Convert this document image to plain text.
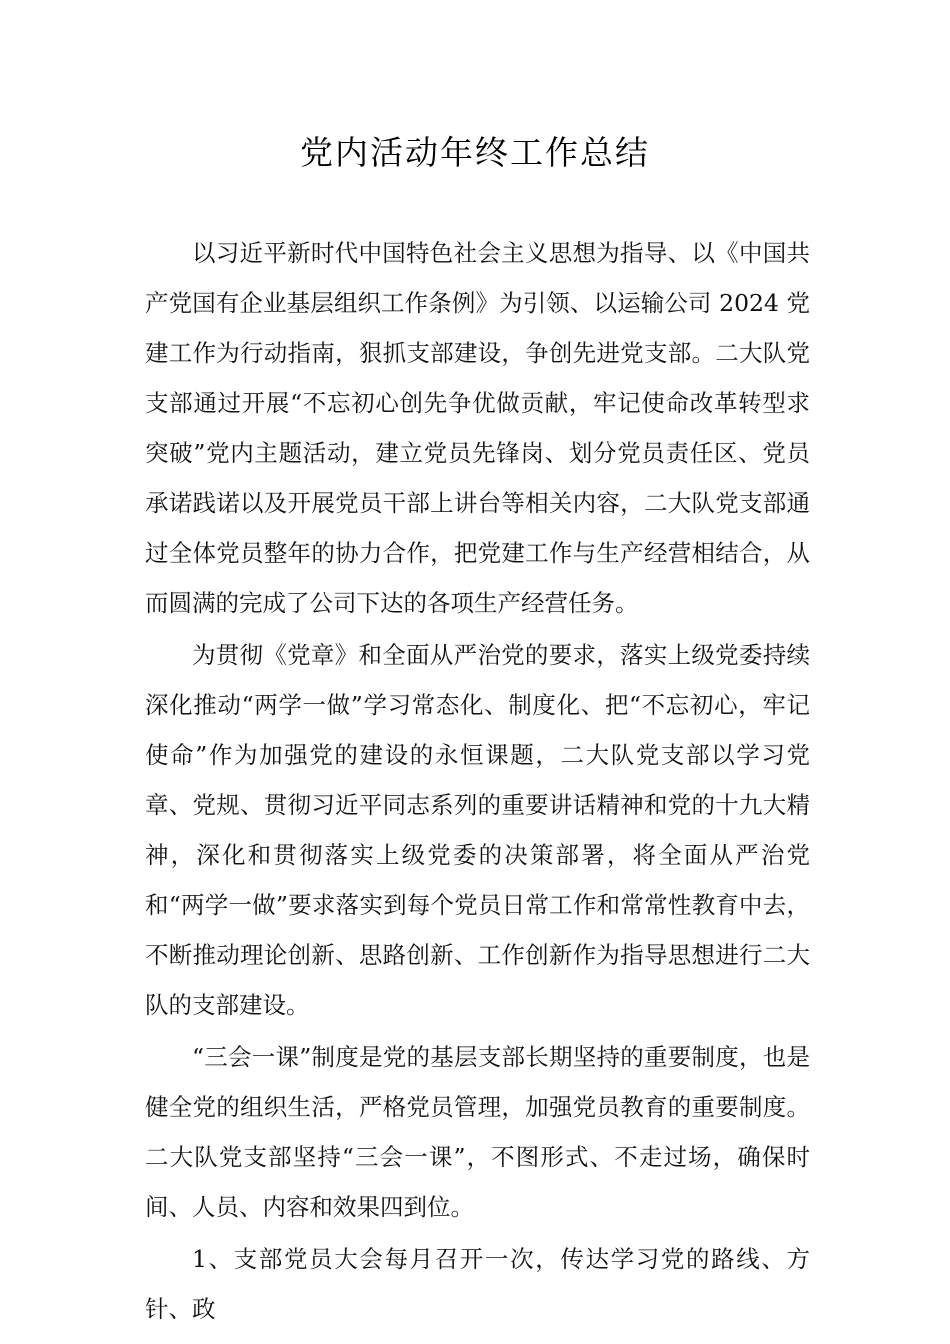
党内活动年终工作总结

以习近平新时代中国特色社会主义思想为指导、以《中国共产党国有企业基层组织工作条例》为引领、以运输公司 2024 党建工作为行动指南，狠抓支部建设，争创先进党支部。二大队党支部通过开展“不忘初心创先争优做贡献，牢记使命改革转型求突破”党内主题活动，建立党员先锋岗、划分党员责任区、党员承诺践诺以及开展党员干部上讲台等相关内容，二大队党支部通过全体党员整年的协力合作，把党建工作与生产经营相结合，从而圆满的完成了公司下达的各项生产经营任务。

为贯彻《党章》和全面从严治党的要求，落实上级党委持续深化推动“两学一做”学习常态化、制度化、把“不忘初心，牢记使命”作为加强党的建设的永恒课题，二大队党支部以学习党章、党规、贯彻习近平同志系列的重要讲话精神和党的十九大精神，深化和贯彻落实上级党委的决策部署，将全面从严治党和“两学一做”要求落实到每个党员日常工作和常常性教育中去，不断推动理论创新、思路创新、工作创新作为指导思想进行二大队的支部建设。

“三会一课”制度是党的基层支部长期坚持的重要制度，也是健全党的组织生活，严格党员管理，加强党员教育的重要制度。二大队党支部坚持“三会一课”，不图形式、不走过场，确保时间、人员、内容和效果四到位。

1、支部党员大会每月召开一次，传达学习党的路线、方针、政
